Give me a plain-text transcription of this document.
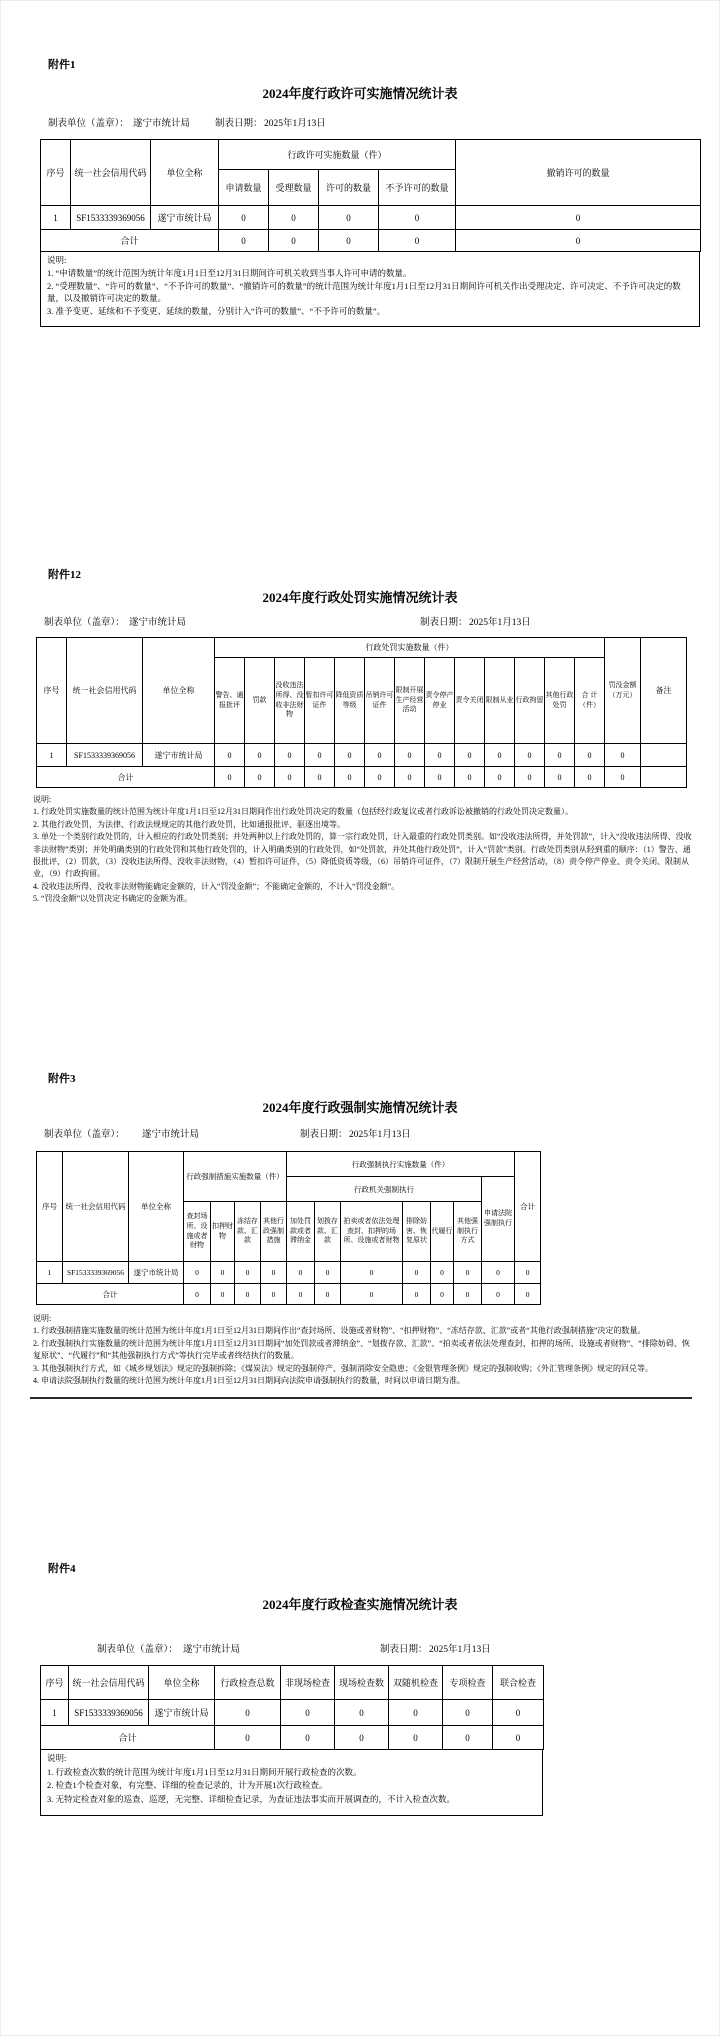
附件1
2024年度行政许可实施情况统计表
制表单位（盖章）： 遂宁市统计局	制表日期： 2025年1月13日
序号	统一社会信用代码	单位全称	行政许可实施数量（件）				撤销许可的数量
			申请数量	受理数量	许可的数量	不予许可的数量	
1	SF1533339369056	遂宁市统计局	0	0	0	0	0
合计			0	0	0	0	0
说明:
1. “申请数量”的统计范围为统计年度1月1日至12月31日期间许可机关收到当事人许可申请的数量。
2. “受理数量”、“许可的数量”、“不予许可的数量”、“撤销许可的数量”的统计范围为统计年度1月1日至12月31日期间许可机关作出受理决定、许可决定、不予许可决定的数量，以及撤销许可决定的数量。
3. 准予变更、延续和不予变更、延续的数量，分别计入“许可的数量”、“不予许可的数量”。
附件12
2024年度行政处罚实施情况统计表
制表单位（盖章）： 遂宁市统计局	制表日期： 2025年1月13日
序号	统一社会信用代码	单位全称	行政处罚实施数量（件）													罚没金额（万元）	备注
			警告、通报批评	罚款	没收违法所得、没收非法财物	暂扣许可证件	降低资质等级	吊销许可证件	限制开展生产经营活动	责令停产停业	责令关闭	限制从业	行政拘留	其他行政处罚	合 计（件）		
1	SF1533339369056	遂宁市统计局	0	0	0	0	0	0	0	0	0	0	0	0	0	0	
合计			0	0	0	0	0	0	0	0	0	0	0	0	0	0	
说明:
1. 行政处罚实施数量的统计范围为统计年度1月1日至12月31日期间作出行政处罚决定的数量（包括经行政复议或者行政诉讼被撤销的行政处罚决定数量）。
2. 其他行政处罚，为法律、行政法规规定的其他行政处罚，比如通报批评、驱逐出境等。
3. 单处一个类别行政处罚的，计入相应的行政处罚类别；并处两种以上行政处罚的，算一宗行政处罚，计入最重的行政处罚类别。如“没收违法所得，并处罚款”，计入“没收违法所得、没收非法财物”类别；并处明确类别的行政处罚和其他行政处罚的，计入明确类别的行政处罚，如“处罚款，并处其他行政处罚”，计入“罚款”类别。行政处罚类别从轻到重的顺序：（1）警告、通报批评，（2）罚款，（3）没收违法所得、没收非法财物，（4）暂扣许可证件，（5）降低资质等级，（6）吊销许可证件，（7）限制开展生产经营活动，（8）责令停产停业、责令关闭、限制从业，（9）行政拘留。
4. 没收违法所得、没收非法财物能确定金额的，计入“罚没金额”；不能确定金额的，不计入“罚没金额”。
5. “罚没金额”以处罚决定书确定的金额为准。
附件3
2024年度行政强制实施情况统计表
制表单位（盖章）： 遂宁市统计局	制表日期： 2025年1月13日
序号	统一社会信用代码	单位全称	行政强制措施实施数量（件）				行政强制执行实施数量（件）							合计
							行政机关强制执行						申请法院强制执行	
			查封场所、设施或者财物	扣押财物	冻结存款、汇款	其他行政强制措施	加处罚款或者滞纳金	划拨存款、汇款	拍卖或者依法处理查封、扣押的场所、设施或者财物	排除妨害、恢复原状	代履行	其他强制执行方式		
1	SF1533339369056	遂宁市统计局	0	0	0	0	0	0	0	0	0	0	0	0
合计			0	0	0	0	0	0	0	0	0	0	0	0
说明:
1. 行政强制措施实施数量的统计范围为统计年度1月1日至12月31日期间作出“查封场所、设施或者财物”、“扣押财物”、“冻结存款、汇款”或者“其他行政强制措施”决定的数量。
2. 行政强制执行实施数量的统计范围为统计年度1月1日至12月31日期间“加处罚款或者滞纳金”、“划拨存款、汇款”、“拍卖或者依法处理查封、扣押的场所、设施或者财物”、“排除妨碍、恢复原状”、“代履行”和“其他强制执行方式”等执行完毕或者终结执行的数量。
3. 其他强制执行方式，如《城乡规划法》规定的强制拆除；《煤炭法》规定的强制停产、强制消除安全隐患；《金银管理条例》规定的强制收购；《外汇管理条例》规定的回兑等。
4. 申请法院强制执行数量的统计范围为统计年度1月1日至12月31日期间向法院申请强制执行的数量，时间以申请日期为准。
附件4
2024年度行政检查实施情况统计表
制表单位（盖章）： 遂宁市统计局	制表日期： 2025年1月13日
序号	统一社会信用代码	单位全称	行政检查总数	非现场检查	现场检查数	双随机检查	专项检查	联合检查
1	SF1533339369056	遂宁市统计局	0	0	0	0	0	0
合计			0	0	0	0	0	0
说明:
1. 行政检查次数的统计范围为统计年度1月1日至12月31日期间开展行政检查的次数。
2. 检查1个检查对象，有完整、详细的检查记录的，计为开展1次行政检查。
3. 无特定检查对象的巡查、巡逻，无完整、详细检查记录，为查证违法事实而开展调查的，不计入检查次数。
